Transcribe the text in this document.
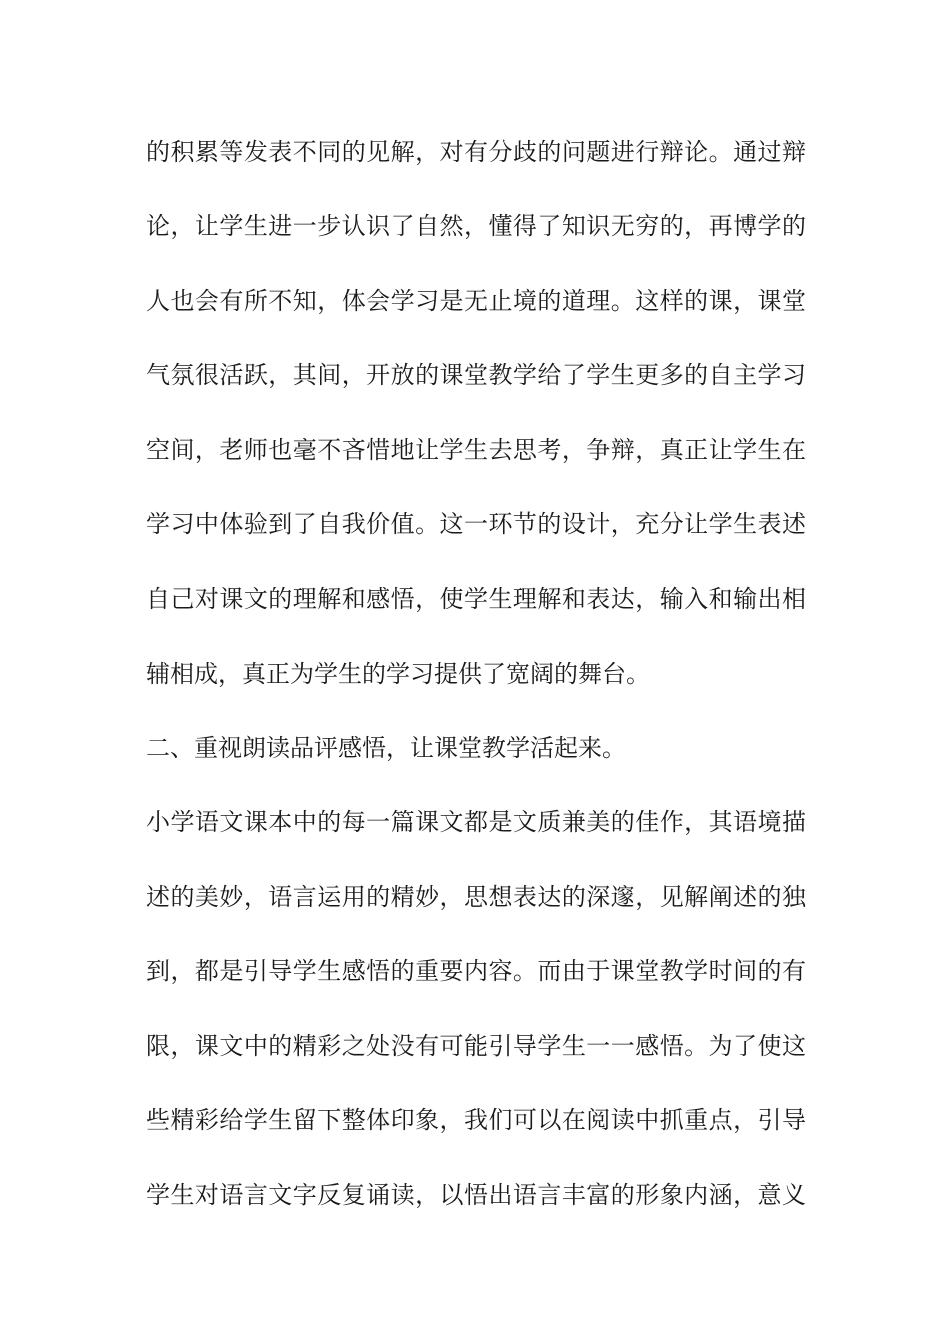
的积累等发表不同的见解，对有分歧的问题进行辩论。通过辩
论，让学生进一步认识了自然，懂得了知识无穷的，再博学的
人也会有所不知，体会学习是无止境的道理。这样的课，课堂
气氛很活跃，其间，开放的课堂教学给了学生更多的自主学习
空间，老师也毫不吝惜地让学生去思考，争辩，真正让学生在
学习中体验到了自我价值。这一环节的设计，充分让学生表述
自己对课文的理解和感悟，使学生理解和表达，输入和输出相
辅相成，真正为学生的学习提供了宽阔的舞台。
二、重视朗读品评感悟，让课堂教学活起来。
小学语文课本中的每一篇课文都是文质兼美的佳作，其语境描
述的美妙，语言运用的精妙，思想表达的深邃，见解阐述的独
到，都是引导学生感悟的重要内容。而由于课堂教学时间的有
限，课文中的精彩之处没有可能引导学生一一感悟。为了使这
些精彩给学生留下整体印象，我们可以在阅读中抓重点，引导
学生对语言文字反复诵读，以悟出语言丰富的形象内涵，意义
